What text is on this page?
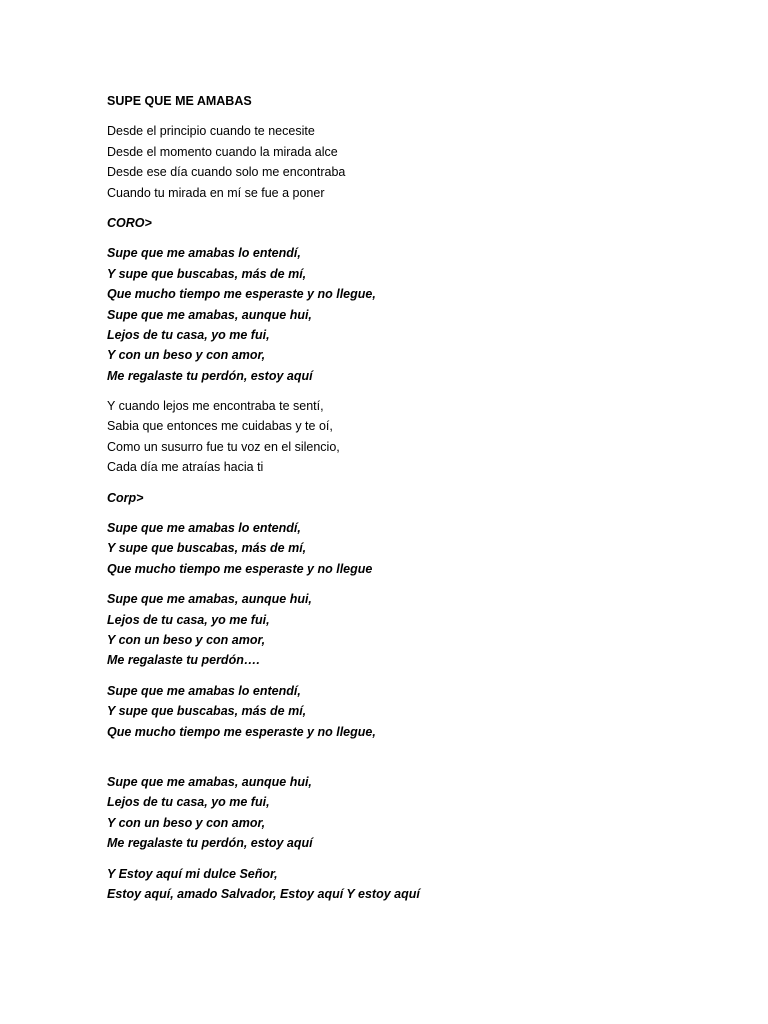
SUPE QUE ME AMABAS
Desde el principio cuando te necesite
Desde el momento cuando la mirada alce
Desde ese día cuando solo me encontraba
Cuando tu mirada en mí se fue a poner
CORO>
Supe que me amabas lo entendí,
Y supe que buscabas, más de mí,
Que mucho tiempo me esperaste y no llegue,
Supe que me amabas, aunque hui,
Lejos de tu casa, yo me fui,
Y con un beso y con amor,
Me regalaste tu perdón, estoy aquí
Y cuando lejos me encontraba te sentí,
Sabia que entonces me cuidabas y te oí,
Como un susurro fue tu voz en el silencio,
Cada día me atraías hacia ti
Corp>
Supe que me amabas lo entendí,
Y supe que buscabas, más de mí,
Que mucho tiempo me esperaste y no llegue
Supe que me amabas, aunque hui,
Lejos de tu casa, yo me fui,
Y con un beso y con amor,
Me regalaste tu perdón….
Supe que me amabas lo entendí,
Y supe que buscabas, más de mí,
Que mucho tiempo me esperaste y no llegue,
Supe que me amabas, aunque hui,
Lejos de tu casa, yo me fui,
Y con un beso y con amor,
Me regalaste tu perdón, estoy aquí
Y Estoy aquí mi dulce Señor,
Estoy aquí, amado Salvador, Estoy aquí Y estoy aquí
